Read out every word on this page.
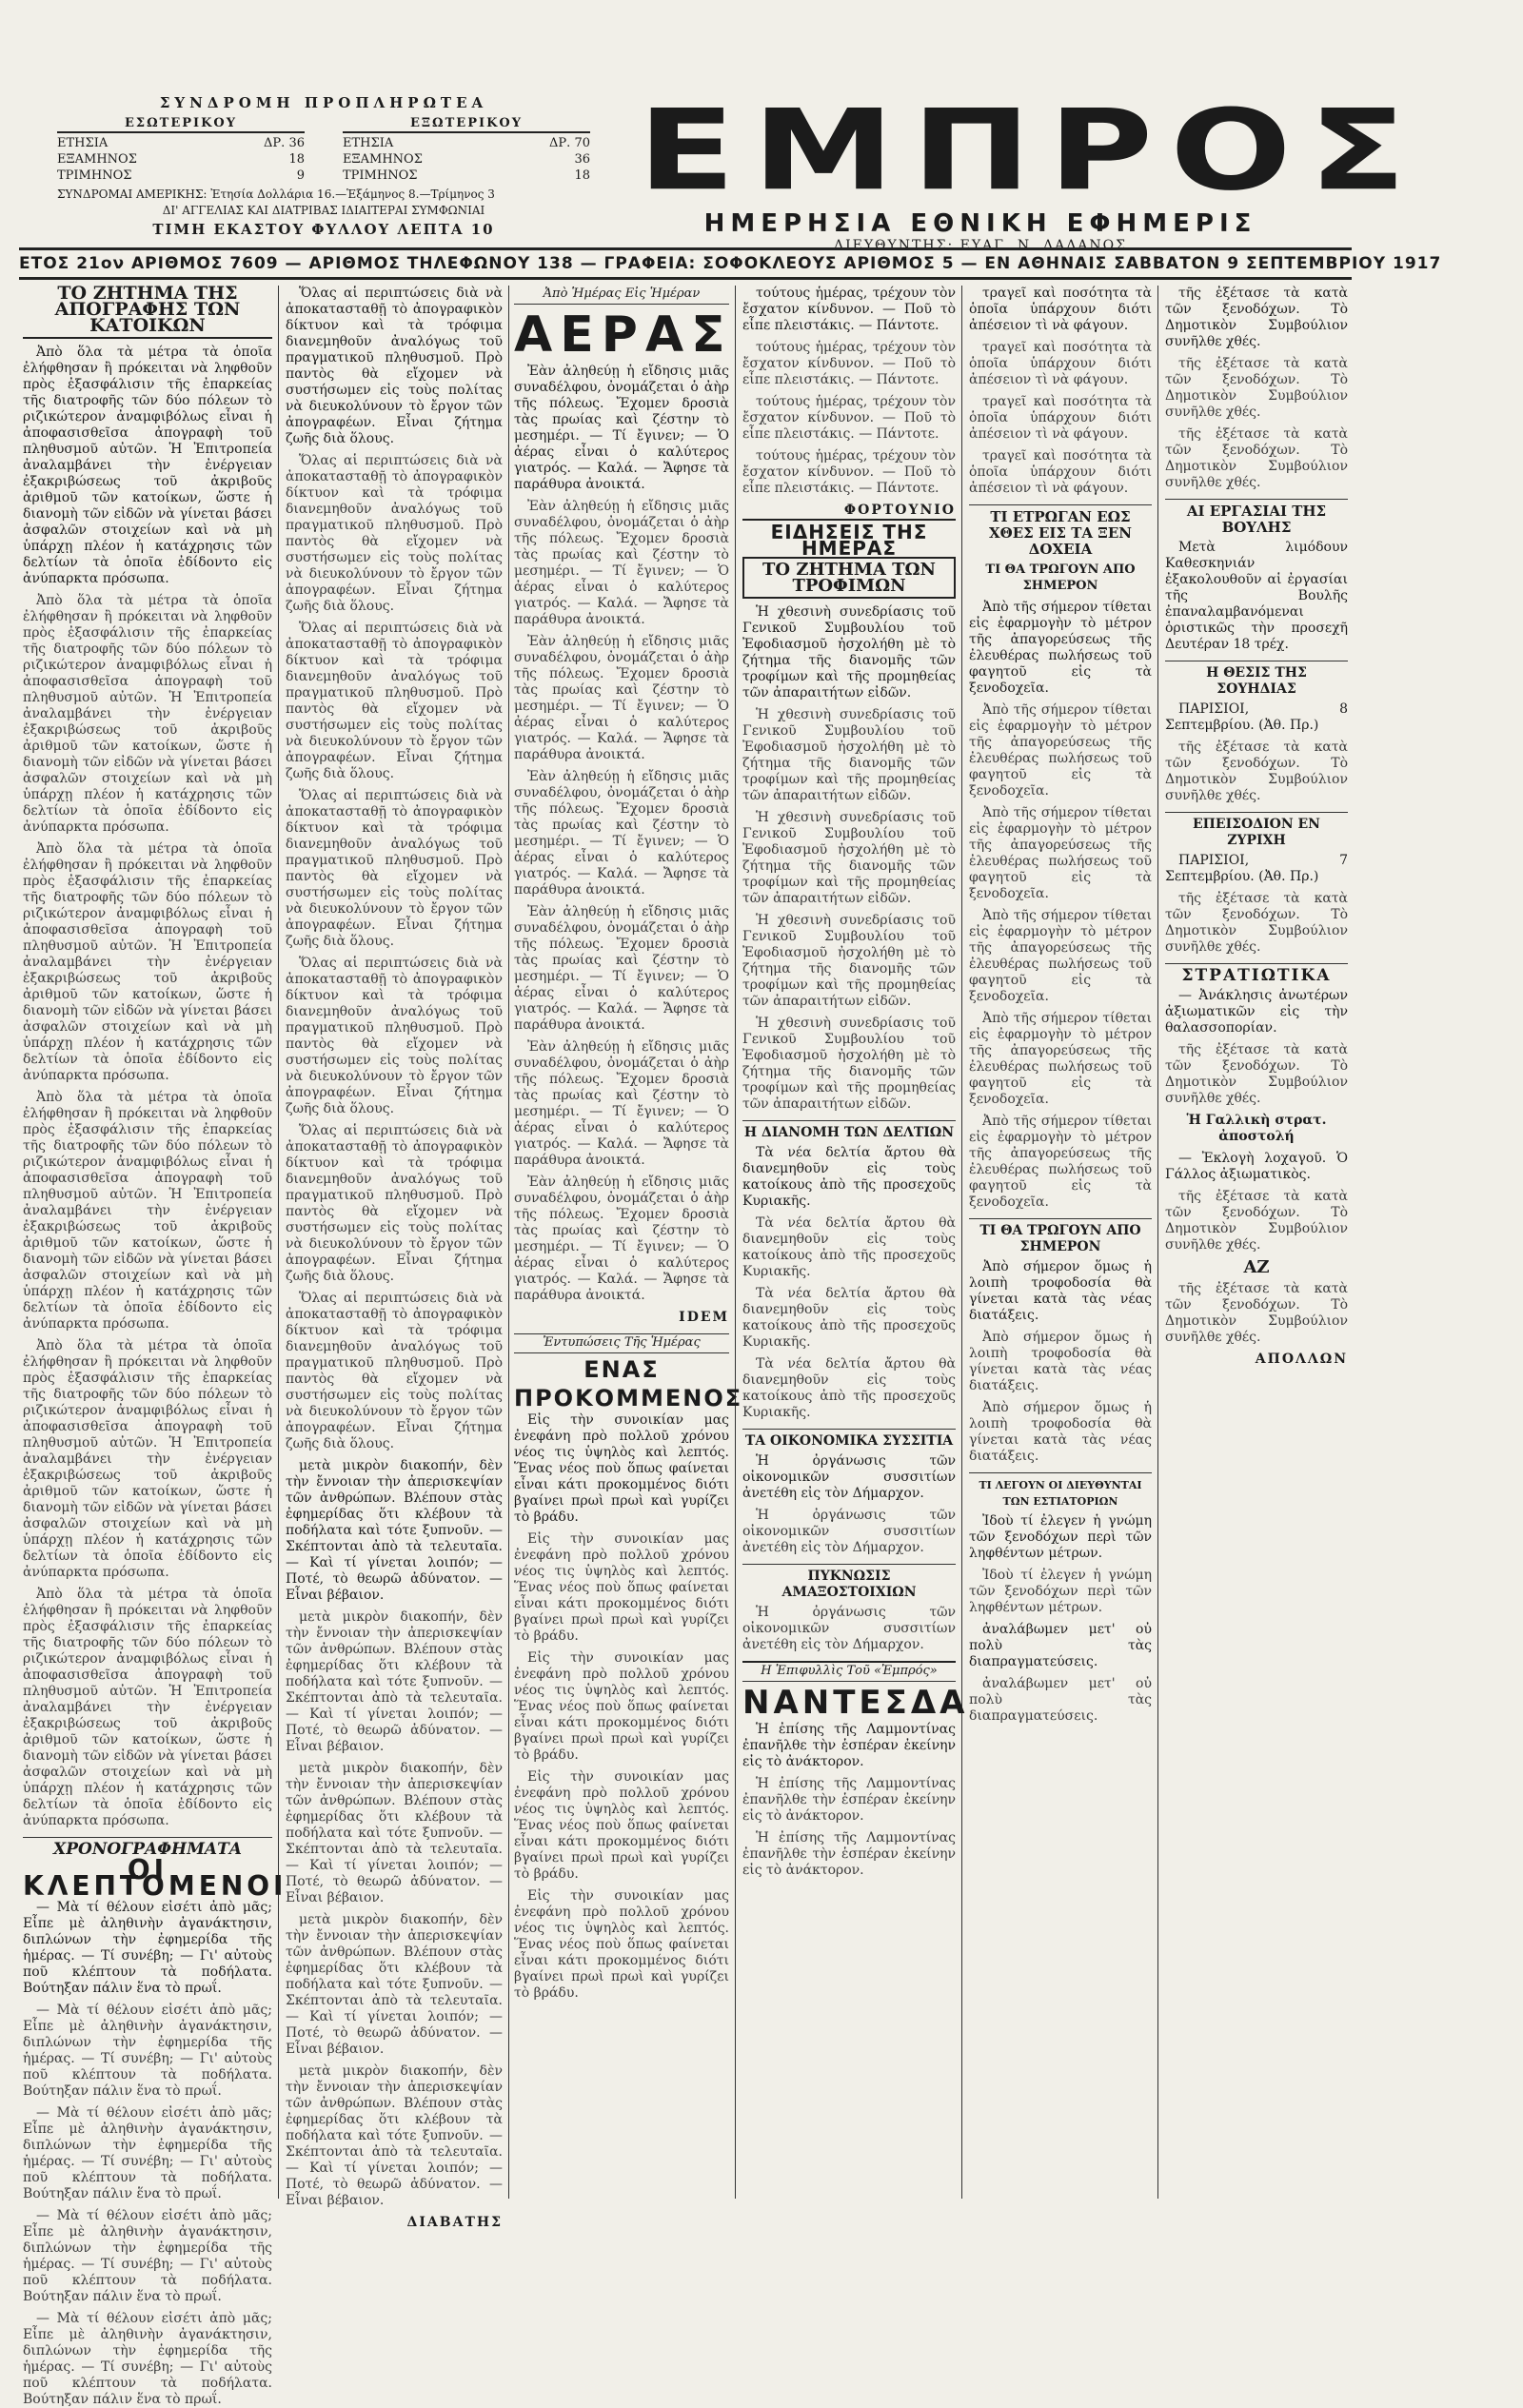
ΣΥΝΔΡΟΜΗ ΠΡΟΠΛΗΡΩΤΕΑ
ΕΣΩΤΕΡΙΚΟΥ
ΕΤΗΣΙΑ	ΔΡ. 36
ΕΞΑΜΗΝΟΣ	18
ΤΡΙΜΗΝΟΣ	9
ΕΞΩΤΕΡΙΚΟΥ
ΕΤΗΣΙΑ	ΔΡ. 70
ΕΞΑΜΗΝΟΣ	36
ΤΡΙΜΗΝΟΣ	18
ΣΥΝΔΡΟΜΑΙ ΑΜΕΡΙΚΗΣ: Ἐτησία Δολλάρια 16.—Ἑξάμηνος 8.—Τρίμηνος 3
ΔΙ' ΑΓΓΕΛΙΑΣ ΚΑΙ ΔΙΑΤΡΙΒΑΣ ΙΔΙΑΙΤΕΡΑΙ ΣΥΜΦΩΝΙΑΙ
ΤΙΜΗ ΕΚΑΣΤΟΥ ΦΥΛΛΟΥ ΛΕΠΤΑ 10
ΕΜΠΡΟΣ
ΗΜΕΡΗΣΙΑ ΕΘΝΙΚΗ ΕΦΗΜΕΡΙΣ
ΔΙΕΥΘΥΝΤΗΣ: ΕΥΑΓ. Ν. ΛΑΔΑΝΟΣ
ΕΤΟΣ 21ον ΑΡΙΘΜΟΣ 7609 — ΑΡΙΘΜΟΣ ΤΗΛΕΦΩΝΟΥ 138 — ΓΡΑΦΕΙΑ: ΣΟΦΟΚΛΕΟΥΣ ΑΡΙΘΜΟΣ 5 — ΕΝ ΑΘΗΝΑΙΣ ΣΑΒΒΑΤΟΝ 9 ΣΕΠΤΕΜΒΡΙΟΥ 1917
ΤΟ ΖΗΤΗΜΑ ΤΗΣ ΑΠΟΓΡΑΦΗΣ ΤΩΝ ΚΑΤΟΙΚΩΝ

Ἀπὸ ὅλα τὰ μέτρα τὰ ὁποῖα ἐλήφθησαν ἢ πρόκειται νὰ ληφθοῦν πρὸς ἐξασφάλισιν τῆς ἐπαρκείας τῆς διατροφῆς τῶν δύο πόλεων τὸ ριζικώτερον ἀναμφιβόλως εἶναι ἡ ἀποφασισθεῖσα ἀπογραφὴ τοῦ πληθυσμοῦ αὐτῶν. Ἡ Ἐπιτροπεία ἀναλαμβάνει τὴν ἐνέργειαν ἐξακριβώσεως τοῦ ἀκριβοῦς ἀριθμοῦ τῶν κατοίκων, ὥστε ἡ διανομὴ τῶν εἰδῶν νὰ γίνεται βάσει ἀσφαλῶν στοιχείων καὶ νὰ μὴ ὑπάρχῃ πλέον ἡ κατάχρησις τῶν δελτίων τὰ ὁποῖα ἐδίδοντο εἰς ἀνύπαρκτα πρόσωπα.

Ἀπὸ ὅλα τὰ μέτρα τὰ ὁποῖα ἐλήφθησαν ἢ πρόκειται νὰ ληφθοῦν πρὸς ἐξασφάλισιν τῆς ἐπαρκείας τῆς διατροφῆς τῶν δύο πόλεων τὸ ριζικώτερον ἀναμφιβόλως εἶναι ἡ ἀποφασισθεῖσα ἀπογραφὴ τοῦ πληθυσμοῦ αὐτῶν. Ἡ Ἐπιτροπεία ἀναλαμβάνει τὴν ἐνέργειαν ἐξακριβώσεως τοῦ ἀκριβοῦς ἀριθμοῦ τῶν κατοίκων, ὥστε ἡ διανομὴ τῶν εἰδῶν νὰ γίνεται βάσει ἀσφαλῶν στοιχείων καὶ νὰ μὴ ὑπάρχῃ πλέον ἡ κατάχρησις τῶν δελτίων τὰ ὁποῖα ἐδίδοντο εἰς ἀνύπαρκτα πρόσωπα.

Ἀπὸ ὅλα τὰ μέτρα τὰ ὁποῖα ἐλήφθησαν ἢ πρόκειται νὰ ληφθοῦν πρὸς ἐξασφάλισιν τῆς ἐπαρκείας τῆς διατροφῆς τῶν δύο πόλεων τὸ ριζικώτερον ἀναμφιβόλως εἶναι ἡ ἀποφασισθεῖσα ἀπογραφὴ τοῦ πληθυσμοῦ αὐτῶν. Ἡ Ἐπιτροπεία ἀναλαμβάνει τὴν ἐνέργειαν ἐξακριβώσεως τοῦ ἀκριβοῦς ἀριθμοῦ τῶν κατοίκων, ὥστε ἡ διανομὴ τῶν εἰδῶν νὰ γίνεται βάσει ἀσφαλῶν στοιχείων καὶ νὰ μὴ ὑπάρχῃ πλέον ἡ κατάχρησις τῶν δελτίων τὰ ὁποῖα ἐδίδοντο εἰς ἀνύπαρκτα πρόσωπα.

Ἀπὸ ὅλα τὰ μέτρα τὰ ὁποῖα ἐλήφθησαν ἢ πρόκειται νὰ ληφθοῦν πρὸς ἐξασφάλισιν τῆς ἐπαρκείας τῆς διατροφῆς τῶν δύο πόλεων τὸ ριζικώτερον ἀναμφιβόλως εἶναι ἡ ἀποφασισθεῖσα ἀπογραφὴ τοῦ πληθυσμοῦ αὐτῶν. Ἡ Ἐπιτροπεία ἀναλαμβάνει τὴν ἐνέργειαν ἐξακριβώσεως τοῦ ἀκριβοῦς ἀριθμοῦ τῶν κατοίκων, ὥστε ἡ διανομὴ τῶν εἰδῶν νὰ γίνεται βάσει ἀσφαλῶν στοιχείων καὶ νὰ μὴ ὑπάρχῃ πλέον ἡ κατάχρησις τῶν δελτίων τὰ ὁποῖα ἐδίδοντο εἰς ἀνύπαρκτα πρόσωπα.

Ἀπὸ ὅλα τὰ μέτρα τὰ ὁποῖα ἐλήφθησαν ἢ πρόκειται νὰ ληφθοῦν πρὸς ἐξασφάλισιν τῆς ἐπαρκείας τῆς διατροφῆς τῶν δύο πόλεων τὸ ριζικώτερον ἀναμφιβόλως εἶναι ἡ ἀποφασισθεῖσα ἀπογραφὴ τοῦ πληθυσμοῦ αὐτῶν. Ἡ Ἐπιτροπεία ἀναλαμβάνει τὴν ἐνέργειαν ἐξακριβώσεως τοῦ ἀκριβοῦς ἀριθμοῦ τῶν κατοίκων, ὥστε ἡ διανομὴ τῶν εἰδῶν νὰ γίνεται βάσει ἀσφαλῶν στοιχείων καὶ νὰ μὴ ὑπάρχῃ πλέον ἡ κατάχρησις τῶν δελτίων τὰ ὁποῖα ἐδίδοντο εἰς ἀνύπαρκτα πρόσωπα.

Ἀπὸ ὅλα τὰ μέτρα τὰ ὁποῖα ἐλήφθησαν ἢ πρόκειται νὰ ληφθοῦν πρὸς ἐξασφάλισιν τῆς ἐπαρκείας τῆς διατροφῆς τῶν δύο πόλεων τὸ ριζικώτερον ἀναμφιβόλως εἶναι ἡ ἀποφασισθεῖσα ἀπογραφὴ τοῦ πληθυσμοῦ αὐτῶν. Ἡ Ἐπιτροπεία ἀναλαμβάνει τὴν ἐνέργειαν ἐξακριβώσεως τοῦ ἀκριβοῦς ἀριθμοῦ τῶν κατοίκων, ὥστε ἡ διανομὴ τῶν εἰδῶν νὰ γίνεται βάσει ἀσφαλῶν στοιχείων καὶ νὰ μὴ ὑπάρχῃ πλέον ἡ κατάχρησις τῶν δελτίων τὰ ὁποῖα ἐδίδοντο εἰς ἀνύπαρκτα πρόσωπα.

ΧΡΟΝΟΓΡΑΦΗΜΑΤΑ
ΟΙ ΚΛΕΠΤΟΜΕΝΟΙ

— Μὰ τί θέλουν εἰσέτι ἀπὸ μᾶς; Εἶπε μὲ ἀληθινὴν ἀγανάκτησιν, διπλώνων τὴν ἐφημερίδα τῆς ἡμέρας. — Τί συνέβη; — Γι' αὐτοὺς ποῦ κλέπτουν τὰ ποδήλατα. Βούτηξαν πάλιν ἕνα τὸ πρωΐ.

— Μὰ τί θέλουν εἰσέτι ἀπὸ μᾶς; Εἶπε μὲ ἀληθινὴν ἀγανάκτησιν, διπλώνων τὴν ἐφημερίδα τῆς ἡμέρας. — Τί συνέβη; — Γι' αὐτοὺς ποῦ κλέπτουν τὰ ποδήλατα. Βούτηξαν πάλιν ἕνα τὸ πρωΐ.

— Μὰ τί θέλουν εἰσέτι ἀπὸ μᾶς; Εἶπε μὲ ἀληθινὴν ἀγανάκτησιν, διπλώνων τὴν ἐφημερίδα τῆς ἡμέρας. — Τί συνέβη; — Γι' αὐτοὺς ποῦ κλέπτουν τὰ ποδήλατα. Βούτηξαν πάλιν ἕνα τὸ πρωΐ.

— Μὰ τί θέλουν εἰσέτι ἀπὸ μᾶς; Εἶπε μὲ ἀληθινὴν ἀγανάκτησιν, διπλώνων τὴν ἐφημερίδα τῆς ἡμέρας. — Τί συνέβη; — Γι' αὐτοὺς ποῦ κλέπτουν τὰ ποδήλατα. Βούτηξαν πάλιν ἕνα τὸ πρωΐ.

— Μὰ τί θέλουν εἰσέτι ἀπὸ μᾶς; Εἶπε μὲ ἀληθινὴν ἀγανάκτησιν, διπλώνων τὴν ἐφημερίδα τῆς ἡμέρας. — Τί συνέβη; — Γι' αὐτοὺς ποῦ κλέπτουν τὰ ποδήλατα. Βούτηξαν πάλιν ἕνα τὸ πρωΐ.

Ὅλας αἱ περιπτώσεις διὰ νὰ ἀποκατασταθῇ τὸ ἀπογραφικὸν δίκτυον καὶ τὰ τρόφιμα διανεμηθοῦν ἀναλόγως τοῦ πραγματικοῦ πληθυσμοῦ. Πρὸ παντὸς θὰ εἴχομεν νὰ συστήσωμεν εἰς τοὺς πολίτας νὰ διευκολύνουν τὸ ἔργον τῶν ἀπογραφέων. Εἶναι ζήτημα ζωῆς διὰ ὅλους.

Ὅλας αἱ περιπτώσεις διὰ νὰ ἀποκατασταθῇ τὸ ἀπογραφικὸν δίκτυον καὶ τὰ τρόφιμα διανεμηθοῦν ἀναλόγως τοῦ πραγματικοῦ πληθυσμοῦ. Πρὸ παντὸς θὰ εἴχομεν νὰ συστήσωμεν εἰς τοὺς πολίτας νὰ διευκολύνουν τὸ ἔργον τῶν ἀπογραφέων. Εἶναι ζήτημα ζωῆς διὰ ὅλους.

Ὅλας αἱ περιπτώσεις διὰ νὰ ἀποκατασταθῇ τὸ ἀπογραφικὸν δίκτυον καὶ τὰ τρόφιμα διανεμηθοῦν ἀναλόγως τοῦ πραγματικοῦ πληθυσμοῦ. Πρὸ παντὸς θὰ εἴχομεν νὰ συστήσωμεν εἰς τοὺς πολίτας νὰ διευκολύνουν τὸ ἔργον τῶν ἀπογραφέων. Εἶναι ζήτημα ζωῆς διὰ ὅλους.

Ὅλας αἱ περιπτώσεις διὰ νὰ ἀποκατασταθῇ τὸ ἀπογραφικὸν δίκτυον καὶ τὰ τρόφιμα διανεμηθοῦν ἀναλόγως τοῦ πραγματικοῦ πληθυσμοῦ. Πρὸ παντὸς θὰ εἴχομεν νὰ συστήσωμεν εἰς τοὺς πολίτας νὰ διευκολύνουν τὸ ἔργον τῶν ἀπογραφέων. Εἶναι ζήτημα ζωῆς διὰ ὅλους.

Ὅλας αἱ περιπτώσεις διὰ νὰ ἀποκατασταθῇ τὸ ἀπογραφικὸν δίκτυον καὶ τὰ τρόφιμα διανεμηθοῦν ἀναλόγως τοῦ πραγματικοῦ πληθυσμοῦ. Πρὸ παντὸς θὰ εἴχομεν νὰ συστήσωμεν εἰς τοὺς πολίτας νὰ διευκολύνουν τὸ ἔργον τῶν ἀπογραφέων. Εἶναι ζήτημα ζωῆς διὰ ὅλους.

Ὅλας αἱ περιπτώσεις διὰ νὰ ἀποκατασταθῇ τὸ ἀπογραφικὸν δίκτυον καὶ τὰ τρόφιμα διανεμηθοῦν ἀναλόγως τοῦ πραγματικοῦ πληθυσμοῦ. Πρὸ παντὸς θὰ εἴχομεν νὰ συστήσωμεν εἰς τοὺς πολίτας νὰ διευκολύνουν τὸ ἔργον τῶν ἀπογραφέων. Εἶναι ζήτημα ζωῆς διὰ ὅλους.

Ὅλας αἱ περιπτώσεις διὰ νὰ ἀποκατασταθῇ τὸ ἀπογραφικὸν δίκτυον καὶ τὰ τρόφιμα διανεμηθοῦν ἀναλόγως τοῦ πραγματικοῦ πληθυσμοῦ. Πρὸ παντὸς θὰ εἴχομεν νὰ συστήσωμεν εἰς τοὺς πολίτας νὰ διευκολύνουν τὸ ἔργον τῶν ἀπογραφέων. Εἶναι ζήτημα ζωῆς διὰ ὅλους.

μετὰ μικρὸν διακοπήν, δὲν τὴν ἔννοιαν τὴν ἀπερισκεψίαν τῶν ἀνθρώπων. Βλέπουν στὰς ἐφημερίδας ὅτι κλέβουν τὰ ποδήλατα καὶ τότε ξυπνοῦν. — Σκέπτονται ἀπὸ τὰ τελευταῖα. — Καὶ τί γίνεται λοιπόν; — Ποτέ, τὸ θεωρῶ ἀδύνατον. — Εἶναι βέβαιον.

μετὰ μικρὸν διακοπήν, δὲν τὴν ἔννοιαν τὴν ἀπερισκεψίαν τῶν ἀνθρώπων. Βλέπουν στὰς ἐφημερίδας ὅτι κλέβουν τὰ ποδήλατα καὶ τότε ξυπνοῦν. — Σκέπτονται ἀπὸ τὰ τελευταῖα. — Καὶ τί γίνεται λοιπόν; — Ποτέ, τὸ θεωρῶ ἀδύνατον. — Εἶναι βέβαιον.

μετὰ μικρὸν διακοπήν, δὲν τὴν ἔννοιαν τὴν ἀπερισκεψίαν τῶν ἀνθρώπων. Βλέπουν στὰς ἐφημερίδας ὅτι κλέβουν τὰ ποδήλατα καὶ τότε ξυπνοῦν. — Σκέπτονται ἀπὸ τὰ τελευταῖα. — Καὶ τί γίνεται λοιπόν; — Ποτέ, τὸ θεωρῶ ἀδύνατον. — Εἶναι βέβαιον.

μετὰ μικρὸν διακοπήν, δὲν τὴν ἔννοιαν τὴν ἀπερισκεψίαν τῶν ἀνθρώπων. Βλέπουν στὰς ἐφημερίδας ὅτι κλέβουν τὰ ποδήλατα καὶ τότε ξυπνοῦν. — Σκέπτονται ἀπὸ τὰ τελευταῖα. — Καὶ τί γίνεται λοιπόν; — Ποτέ, τὸ θεωρῶ ἀδύνατον. — Εἶναι βέβαιον.

μετὰ μικρὸν διακοπήν, δὲν τὴν ἔννοιαν τὴν ἀπερισκεψίαν τῶν ἀνθρώπων. Βλέπουν στὰς ἐφημερίδας ὅτι κλέβουν τὰ ποδήλατα καὶ τότε ξυπνοῦν. — Σκέπτονται ἀπὸ τὰ τελευταῖα. — Καὶ τί γίνεται λοιπόν; — Ποτέ, τὸ θεωρῶ ἀδύνατον. — Εἶναι βέβαιον.

ΔΙΑΒΑΤΗΣ
Ἀπὸ Ἡμέρας Εἰς Ἡμέραν
ΑΕΡΑΣ

Ἐὰν ἀληθεύῃ ἡ εἴδησις μιᾶς συναδέλφου, ὀνομάζεται ὁ ἀὴρ τῆς πόλεως. Ἔχομεν δροσιὰ τὰς πρωίας καὶ ζέστην τὸ μεσημέρι. — Τί ἔγινεν; — Ὁ ἀέρας εἶναι ὁ καλύτερος γιατρός. — Καλά. — Ἄφησε τὰ παράθυρα ἀνοικτά.

Ἐὰν ἀληθεύῃ ἡ εἴδησις μιᾶς συναδέλφου, ὀνομάζεται ὁ ἀὴρ τῆς πόλεως. Ἔχομεν δροσιὰ τὰς πρωίας καὶ ζέστην τὸ μεσημέρι. — Τί ἔγινεν; — Ὁ ἀέρας εἶναι ὁ καλύτερος γιατρός. — Καλά. — Ἄφησε τὰ παράθυρα ἀνοικτά.

Ἐὰν ἀληθεύῃ ἡ εἴδησις μιᾶς συναδέλφου, ὀνομάζεται ὁ ἀὴρ τῆς πόλεως. Ἔχομεν δροσιὰ τὰς πρωίας καὶ ζέστην τὸ μεσημέρι. — Τί ἔγινεν; — Ὁ ἀέρας εἶναι ὁ καλύτερος γιατρός. — Καλά. — Ἄφησε τὰ παράθυρα ἀνοικτά.

Ἐὰν ἀληθεύῃ ἡ εἴδησις μιᾶς συναδέλφου, ὀνομάζεται ὁ ἀὴρ τῆς πόλεως. Ἔχομεν δροσιὰ τὰς πρωίας καὶ ζέστην τὸ μεσημέρι. — Τί ἔγινεν; — Ὁ ἀέρας εἶναι ὁ καλύτερος γιατρός. — Καλά. — Ἄφησε τὰ παράθυρα ἀνοικτά.

Ἐὰν ἀληθεύῃ ἡ εἴδησις μιᾶς συναδέλφου, ὀνομάζεται ὁ ἀὴρ τῆς πόλεως. Ἔχομεν δροσιὰ τὰς πρωίας καὶ ζέστην τὸ μεσημέρι. — Τί ἔγινεν; — Ὁ ἀέρας εἶναι ὁ καλύτερος γιατρός. — Καλά. — Ἄφησε τὰ παράθυρα ἀνοικτά.

Ἐὰν ἀληθεύῃ ἡ εἴδησις μιᾶς συναδέλφου, ὀνομάζεται ὁ ἀὴρ τῆς πόλεως. Ἔχομεν δροσιὰ τὰς πρωίας καὶ ζέστην τὸ μεσημέρι. — Τί ἔγινεν; — Ὁ ἀέρας εἶναι ὁ καλύτερος γιατρός. — Καλά. — Ἄφησε τὰ παράθυρα ἀνοικτά.

Ἐὰν ἀληθεύῃ ἡ εἴδησις μιᾶς συναδέλφου, ὀνομάζεται ὁ ἀὴρ τῆς πόλεως. Ἔχομεν δροσιὰ τὰς πρωίας καὶ ζέστην τὸ μεσημέρι. — Τί ἔγινεν; — Ὁ ἀέρας εἶναι ὁ καλύτερος γιατρός. — Καλά. — Ἄφησε τὰ παράθυρα ἀνοικτά.

IDEM
Ἐντυπώσεις Τῆς Ἡμέρας
ΕΝΑΣ ΠΡΟΚΟΜΜΕΝΟΣ

Εἰς τὴν συνοικίαν μας ἐνεφάνη πρὸ πολλοῦ χρόνου νέος τις ὑψηλὸς καὶ λεπτός. Ἕνας νέος ποὺ ὅπως φαίνεται εἶναι κάτι προκομμένος διότι βγαίνει πρωὶ πρωὶ καὶ γυρίζει τὸ βράδυ.

Εἰς τὴν συνοικίαν μας ἐνεφάνη πρὸ πολλοῦ χρόνου νέος τις ὑψηλὸς καὶ λεπτός. Ἕνας νέος ποὺ ὅπως φαίνεται εἶναι κάτι προκομμένος διότι βγαίνει πρωὶ πρωὶ καὶ γυρίζει τὸ βράδυ.

Εἰς τὴν συνοικίαν μας ἐνεφάνη πρὸ πολλοῦ χρόνου νέος τις ὑψηλὸς καὶ λεπτός. Ἕνας νέος ποὺ ὅπως φαίνεται εἶναι κάτι προκομμένος διότι βγαίνει πρωὶ πρωὶ καὶ γυρίζει τὸ βράδυ.

Εἰς τὴν συνοικίαν μας ἐνεφάνη πρὸ πολλοῦ χρόνου νέος τις ὑψηλὸς καὶ λεπτός. Ἕνας νέος ποὺ ὅπως φαίνεται εἶναι κάτι προκομμένος διότι βγαίνει πρωὶ πρωὶ καὶ γυρίζει τὸ βράδυ.

Εἰς τὴν συνοικίαν μας ἐνεφάνη πρὸ πολλοῦ χρόνου νέος τις ὑψηλὸς καὶ λεπτός. Ἕνας νέος ποὺ ὅπως φαίνεται εἶναι κάτι προκομμένος διότι βγαίνει πρωὶ πρωὶ καὶ γυρίζει τὸ βράδυ.

τούτους ἡμέρας, τρέχουν τὸν ἔσχατον κίνδυνον. — Ποῦ τὸ εἶπε πλειστάκις. — Πάντοτε.

τούτους ἡμέρας, τρέχουν τὸν ἔσχατον κίνδυνον. — Ποῦ τὸ εἶπε πλειστάκις. — Πάντοτε.

τούτους ἡμέρας, τρέχουν τὸν ἔσχατον κίνδυνον. — Ποῦ τὸ εἶπε πλειστάκις. — Πάντοτε.

τούτους ἡμέρας, τρέχουν τὸν ἔσχατον κίνδυνον. — Ποῦ τὸ εἶπε πλειστάκις. — Πάντοτε.

ΦΟΡΤΟΥΝΙΟ
ΕΙΔΗΣΕΙΣ ΤΗΣ ΗΜΕΡΑΣ
ΤΟ ΖΗΤΗΜΑ ΤΩΝ ΤΡΟΦΙΜΩΝ

Ἡ χθεσινὴ συνεδρίασις τοῦ Γενικοῦ Συμβουλίου τοῦ Ἐφοδιασμοῦ ἠσχολήθη μὲ τὸ ζήτημα τῆς διανομῆς τῶν τροφίμων καὶ τῆς προμηθείας τῶν ἀπαραιτήτων εἰδῶν.

Ἡ χθεσινὴ συνεδρίασις τοῦ Γενικοῦ Συμβουλίου τοῦ Ἐφοδιασμοῦ ἠσχολήθη μὲ τὸ ζήτημα τῆς διανομῆς τῶν τροφίμων καὶ τῆς προμηθείας τῶν ἀπαραιτήτων εἰδῶν.

Ἡ χθεσινὴ συνεδρίασις τοῦ Γενικοῦ Συμβουλίου τοῦ Ἐφοδιασμοῦ ἠσχολήθη μὲ τὸ ζήτημα τῆς διανομῆς τῶν τροφίμων καὶ τῆς προμηθείας τῶν ἀπαραιτήτων εἰδῶν.

Ἡ χθεσινὴ συνεδρίασις τοῦ Γενικοῦ Συμβουλίου τοῦ Ἐφοδιασμοῦ ἠσχολήθη μὲ τὸ ζήτημα τῆς διανομῆς τῶν τροφίμων καὶ τῆς προμηθείας τῶν ἀπαραιτήτων εἰδῶν.

Ἡ χθεσινὴ συνεδρίασις τοῦ Γενικοῦ Συμβουλίου τοῦ Ἐφοδιασμοῦ ἠσχολήθη μὲ τὸ ζήτημα τῆς διανομῆς τῶν τροφίμων καὶ τῆς προμηθείας τῶν ἀπαραιτήτων εἰδῶν.

Η ΔΙΑΝΟΜΗ ΤΩΝ ΔΕΛΤΙΩΝ

Τὰ νέα δελτία ἄρτου θὰ διανεμηθοῦν εἰς τοὺς κατοίκους ἀπὸ τῆς προσεχοῦς Κυριακῆς.

Τὰ νέα δελτία ἄρτου θὰ διανεμηθοῦν εἰς τοὺς κατοίκους ἀπὸ τῆς προσεχοῦς Κυριακῆς.

Τὰ νέα δελτία ἄρτου θὰ διανεμηθοῦν εἰς τοὺς κατοίκους ἀπὸ τῆς προσεχοῦς Κυριακῆς.

Τὰ νέα δελτία ἄρτου θὰ διανεμηθοῦν εἰς τοὺς κατοίκους ἀπὸ τῆς προσεχοῦς Κυριακῆς.

ΤΑ ΟΙΚΟΝΟΜΙΚΑ ΣΥΣΣΙΤΙΑ

Ἡ ὀργάνωσις τῶν οἰκονομικῶν συσσιτίων ἀνετέθη εἰς τὸν Δήμαρχον.

Ἡ ὀργάνωσις τῶν οἰκονομικῶν συσσιτίων ἀνετέθη εἰς τὸν Δήμαρχον.

ΠΥΚΝΩΣΙΣ ΑΜΑΞΟΣΤΟΙΧΙΩΝ

Ἡ ὀργάνωσις τῶν οἰκονομικῶν συσσιτίων ἀνετέθη εἰς τὸν Δήμαρχον.

Η Ἐπιφυλλὶς Τοῦ «Ἐμπρός»
ΝΑΝΤΕΣΔΑ

Ἡ ἐπίσης τῆς Λαμμοντίνας ἐπανῆλθε τὴν ἑσπέραν ἐκείνην εἰς τὸ ἀνάκτορον.

Ἡ ἐπίσης τῆς Λαμμοντίνας ἐπανῆλθε τὴν ἑσπέραν ἐκείνην εἰς τὸ ἀνάκτορον.

Ἡ ἐπίσης τῆς Λαμμοντίνας ἐπανῆλθε τὴν ἑσπέραν ἐκείνην εἰς τὸ ἀνάκτορον.

τραγεῖ καὶ ποσότητα τὰ ὁποῖα ὑπάρχουν διότι ἀπέσειον τὶ νὰ φάγουν.

τραγεῖ καὶ ποσότητα τὰ ὁποῖα ὑπάρχουν διότι ἀπέσειον τὶ νὰ φάγουν.

τραγεῖ καὶ ποσότητα τὰ ὁποῖα ὑπάρχουν διότι ἀπέσειον τὶ νὰ φάγουν.

τραγεῖ καὶ ποσότητα τὰ ὁποῖα ὑπάρχουν διότι ἀπέσειον τὶ νὰ φάγουν.

ΤΙ ΕΤΡΩΓΑΝ ΕΩΣ ΧΘΕΣ ΕΙΣ ΤΑ ΞΕΝ ΔΟΧΕΙΑ
ΤΙ ΘΑ ΤΡΩΓΟΥΝ ΑΠΟ ΣΗΜΕΡΟΝ

Ἀπὸ τῆς σήμερον τίθεται εἰς ἐφαρμογὴν τὸ μέτρον τῆς ἀπαγορεύσεως τῆς ἐλευθέρας πωλήσεως τοῦ φαγητοῦ εἰς τὰ ξενοδοχεῖα.

Ἀπὸ τῆς σήμερον τίθεται εἰς ἐφαρμογὴν τὸ μέτρον τῆς ἀπαγορεύσεως τῆς ἐλευθέρας πωλήσεως τοῦ φαγητοῦ εἰς τὰ ξενοδοχεῖα.

Ἀπὸ τῆς σήμερον τίθεται εἰς ἐφαρμογὴν τὸ μέτρον τῆς ἀπαγορεύσεως τῆς ἐλευθέρας πωλήσεως τοῦ φαγητοῦ εἰς τὰ ξενοδοχεῖα.

Ἀπὸ τῆς σήμερον τίθεται εἰς ἐφαρμογὴν τὸ μέτρον τῆς ἀπαγορεύσεως τῆς ἐλευθέρας πωλήσεως τοῦ φαγητοῦ εἰς τὰ ξενοδοχεῖα.

Ἀπὸ τῆς σήμερον τίθεται εἰς ἐφαρμογὴν τὸ μέτρον τῆς ἀπαγορεύσεως τῆς ἐλευθέρας πωλήσεως τοῦ φαγητοῦ εἰς τὰ ξενοδοχεῖα.

Ἀπὸ τῆς σήμερον τίθεται εἰς ἐφαρμογὴν τὸ μέτρον τῆς ἀπαγορεύσεως τῆς ἐλευθέρας πωλήσεως τοῦ φαγητοῦ εἰς τὰ ξενοδοχεῖα.

ΤΙ ΘΑ ΤΡΩΓΟΥΝ ΑΠΟ ΣΗΜΕΡΟΝ

Ἀπὸ σήμερον ὅμως ἡ λοιπὴ τροφοδοσία θὰ γίνεται κατὰ τὰς νέας διατάξεις.

Ἀπὸ σήμερον ὅμως ἡ λοιπὴ τροφοδοσία θὰ γίνεται κατὰ τὰς νέας διατάξεις.

Ἀπὸ σήμερον ὅμως ἡ λοιπὴ τροφοδοσία θὰ γίνεται κατὰ τὰς νέας διατάξεις.

ΤΙ ΛΕΓΟΥΝ ΟΙ ΔΙΕΥΘΥΝΤΑΙ ΤΩΝ ΕΣΤΙΑΤΟΡΙΩΝ

Ἰδοὺ τί ἐλεγεν ἡ γνώμη τῶν ξενοδόχων περὶ τῶν ληφθέντων μέτρων.

Ἰδοὺ τί ἐλεγεν ἡ γνώμη τῶν ξενοδόχων περὶ τῶν ληφθέντων μέτρων.

ἀναλάβωμεν μετ' οὐ πολὺ τὰς διαπραγματεύσεις.

ἀναλάβωμεν μετ' οὐ πολὺ τὰς διαπραγματεύσεις.

τῆς ἐξέτασε τὰ κατὰ τῶν ξενοδόχων. Τὸ Δημοτικὸν Συμβούλιον συνῆλθε χθές.

τῆς ἐξέτασε τὰ κατὰ τῶν ξενοδόχων. Τὸ Δημοτικὸν Συμβούλιον συνῆλθε χθές.

τῆς ἐξέτασε τὰ κατὰ τῶν ξενοδόχων. Τὸ Δημοτικὸν Συμβούλιον συνῆλθε χθές.

ΑΙ ΕΡΓΑΣΙΑΙ ΤΗΣ ΒΟΥΛΗΣ

Μετὰ λιμόδουν Καθεσκηνιάν ἐξακολουθοῦν αἱ ἐργασίαι τῆς Βουλῆς ἐπαναλαμβανόμεναι ὁριστικῶς τὴν προσεχῆ Δευτέραν 18 τρέχ.

Η ΘΕΣΙΣ ΤΗΣ ΣΟΥΗΔΙΑΣ

ΠΑΡΙΣΙΟΙ, 8 Σεπτεμβρίου. (Ἀθ. Πρ.)

τῆς ἐξέτασε τὰ κατὰ τῶν ξενοδόχων. Τὸ Δημοτικὸν Συμβούλιον συνῆλθε χθές.

ΕΠΕΙΣΟΔΙΟΝ ΕΝ ΖΥΡΙΧΗ

ΠΑΡΙΣΙΟΙ, 7 Σεπτεμβρίου. (Ἀθ. Πρ.)

τῆς ἐξέτασε τὰ κατὰ τῶν ξενοδόχων. Τὸ Δημοτικὸν Συμβούλιον συνῆλθε χθές.

ΣΤΡΑΤΙΩΤΙΚΑ

— Ἀνάκλησις ἀνωτέρων ἀξιωματικῶν εἰς τὴν θαλασσοπορίαν.

τῆς ἐξέτασε τὰ κατὰ τῶν ξενοδόχων. Τὸ Δημοτικὸν Συμβούλιον συνῆλθε χθές.

Ἡ Γαλλικὴ στρατ. ἀποστολή

— Ἐκλογὴ λοχαγοῦ. Ὁ Γάλλος ἀξιωματικὸς.

τῆς ἐξέτασε τὰ κατὰ τῶν ξενοδόχων. Τὸ Δημοτικὸν Συμβούλιον συνῆλθε χθές.

ΑΖ

τῆς ἐξέτασε τὰ κατὰ τῶν ξενοδόχων. Τὸ Δημοτικὸν Συμβούλιον συνῆλθε χθές.

ΑΠΟΛΛΩΝ
